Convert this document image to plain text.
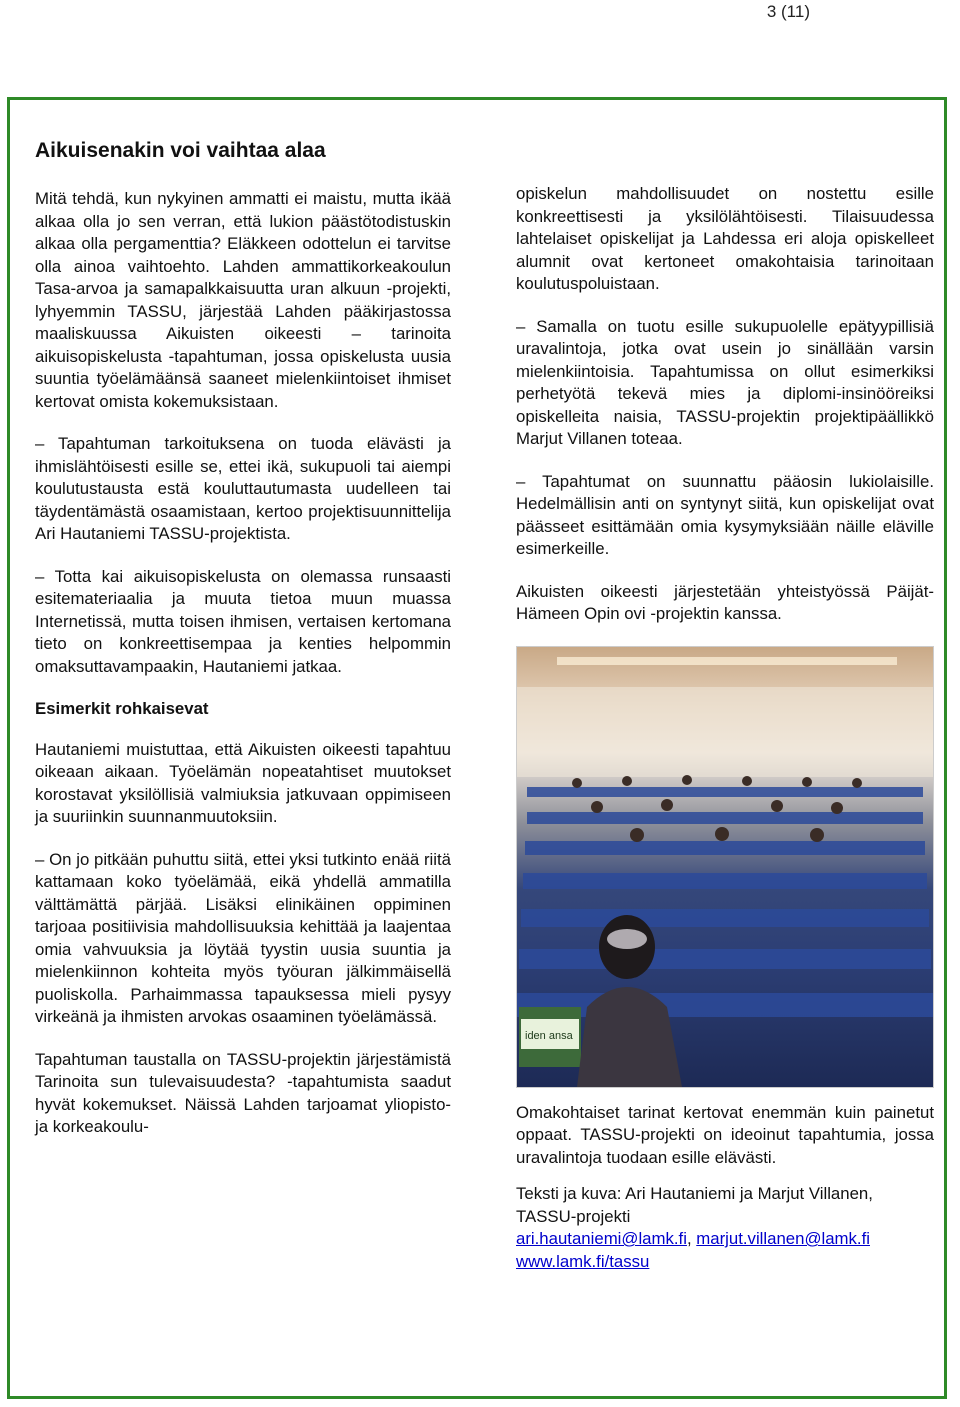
3 (11)
Aikuisenakin voi vaihtaa alaa

Mitä tehdä, kun nykyinen ammatti ei maistu, mutta ikää alkaa olla jo sen verran, että lukion päästötodistuskin alkaa olla pergamenttia? Eläkkeen odottelun ei tarvitse olla ainoa vaihtoehto. Lahden ammattikorkeakoulun Tasa-arvoa ja samapalkkaisuutta uran alkuun -projekti, lyhyemmin TASSU, järjestää Lahden pääkirjastossa maaliskuussa Aikuisten oikeesti – tarinoita aikuisopiskelusta -tapahtuman, jossa opiskelusta uusia suuntia työelämäänsä saaneet mielenkiintoiset ihmiset kertovat omista kokemuksistaan.

– Tapahtuman tarkoituksena on tuoda elävästi ja ihmislähtöisesti esille se, ettei ikä, sukupuoli tai aiempi koulutustausta estä kouluttautumasta uudelleen tai täydentämästä osaamistaan, kertoo projektisuunnittelija Ari Hautaniemi TASSU-projektista.

– Totta kai aikuisopiskelusta on olemassa runsaasti esitemateriaalia ja muuta tietoa muun muassa Internetissä, mutta toisen ihmisen, vertaisen kertomana tieto on konkreettisempaa ja kenties helpommin omaksuttavampaakin, Hautaniemi jatkaa.

Esimerkit rohkaisevat

Hautaniemi muistuttaa, että Aikuisten oikeesti tapahtuu oikeaan aikaan. Työelämän nopeatahtiset muutokset korostavat yksilöllisiä valmiuksia jatkuvaan oppimiseen ja suuriinkin suunnanmuutoksiin.

– On jo pitkään puhuttu siitä, ettei yksi tutkinto enää riitä kattamaan koko työelämää, eikä yhdellä ammatilla välttämättä pärjää. Lisäksi elinikäinen oppiminen tarjoaa positiivisia mahdollisuuksia kehittää ja laajentaa omia vahvuuksia ja löytää tyystin uusia suuntia ja mielenkiinnon kohteita myös työuran jälkimmäisellä puoliskolla. Parhaimmassa tapauksessa mieli pysyy virkeänä ja ihmisten arvokas osaaminen työelämässä.

Tapahtuman taustalla on TASSU-projektin järjestämistä Tarinoita sun tulevaisuudesta? -tapahtumista saadut hyvät kokemukset. Näissä Lahden tarjoamat yliopisto- ja korkeakoulu-

opiskelun mahdollisuudet on nostettu esille konkreettisesti ja yksilölähtöisesti. Tilaisuudessa lahtelaiset opiskelijat ja Lahdessa eri aloja opiskelleet alumnit ovat kertoneet omakohtaisia tarinoitaan koulutuspoluistaan.

– Samalla on tuotu esille sukupuolelle epätyypillisiä uravalintoja, jotka ovat usein jo sinällään varsin mielenkiintoisia. Tapahtumissa on ollut esimerkiksi perhetyötä tekevä mies ja diplomi-insinööreiksi opiskelleita naisia, TASSU-projektin projektipäällikkö Marjut Villanen toteaa.

– Tapahtumat on suunnattu pääosin lukiolaisille. Hedelmällisin anti on syntynyt siitä, kun opiskelijat ovat päässeet esittämään omia kysymyksiään näille eläville esimerkeille.

Aikuisten oikeesti järjestetään yhteistyössä Päijät-Hämeen Opin ovi -projektin kanssa.

iden ansa

Omakohtaiset tarinat kertovat enemmän kuin painetut oppaat. TASSU-projekti on ideoinut tapahtumia, jossa uravalintoja tuodaan esille elävästi.

Teksti ja kuva: Ari Hautaniemi ja Marjut Villanen, TASSU-projekti
ari.hautaniemi@lamk.fi, marjut.villanen@lamk.fi
www.lamk.fi/tassu
